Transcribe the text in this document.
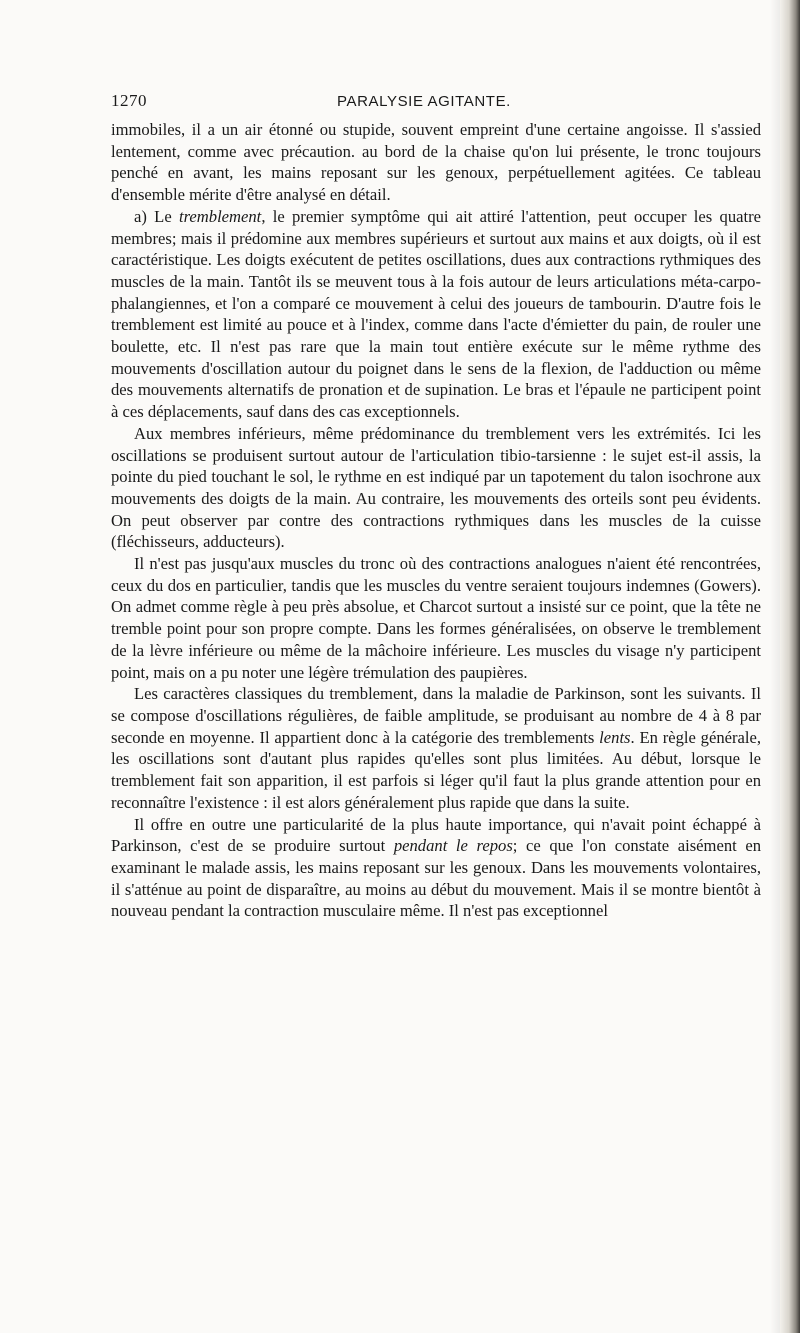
1270	PARALYSIE AGITANTE.

immobiles, il a un air étonné ou stupide, souvent empreint d'une certaine angoisse. Il s'assied lentement, comme avec précaution. au bord de la chaise qu'on lui présente, le tronc toujours penché en avant, les mains reposant sur les genoux, perpétuellement agitées. Ce tableau d'ensemble mérite d'être analysé en détail.

a) Le tremblement, le premier symptôme qui ait attiré l'attention, peut occuper les quatre membres; mais il prédomine aux membres supérieurs et surtout aux mains et aux doigts, où il est caractéristique. Les doigts exécutent de petites oscillations, dues aux contractions rythmiques des muscles de la main. Tantôt ils se meuvent tous à la fois autour de leurs articulations méta-carpo-phalangiennes, et l'on a comparé ce mouvement à celui des joueurs de tambourin. D'autre fois le tremblement est limité au pouce et à l'index, comme dans l'acte d'émietter du pain, de rouler une boulette, etc. Il n'est pas rare que la main tout entière exécute sur le même rythme des mouvements d'oscillation autour du poignet dans le sens de la flexion, de l'adduction ou même des mouvements alternatifs de pronation et de supination. Le bras et l'épaule ne participent point à ces déplacements, sauf dans des cas exceptionnels.

Aux membres inférieurs, même prédominance du tremblement vers les extrémités. Ici les oscillations se produisent surtout autour de l'articulation tibio-tarsienne : le sujet est-il assis, la pointe du pied touchant le sol, le rythme en est indiqué par un tapotement du talon isochrone aux mouvements des doigts de la main. Au contraire, les mouvements des orteils sont peu évidents. On peut observer par contre des contractions rythmiques dans les muscles de la cuisse (fléchisseurs, adducteurs).

Il n'est pas jusqu'aux muscles du tronc où des contractions analogues n'aient été rencontrées, ceux du dos en particulier, tandis que les muscles du ventre seraient toujours indemnes (Gowers). On admet comme règle à peu près absolue, et Charcot surtout a insisté sur ce point, que la tête ne tremble point pour son propre compte. Dans les formes généralisées, on observe le tremblement de la lèvre inférieure ou même de la mâchoire inférieure. Les muscles du visage n'y participent point, mais on a pu noter une légère trémulation des paupières.

Les caractères classiques du tremblement, dans la maladie de Parkinson, sont les suivants. Il se compose d'oscillations régulières, de faible amplitude, se produisant au nombre de 4 à 8 par seconde en moyenne. Il appartient donc à la catégorie des tremblements lents. En règle générale, les oscillations sont d'autant plus rapides qu'elles sont plus limitées. Au début, lorsque le tremblement fait son apparition, il est parfois si léger qu'il faut la plus grande attention pour en reconnaître l'existence : il est alors généralement plus rapide que dans la suite.

Il offre en outre une particularité de la plus haute importance, qui n'avait point échappé à Parkinson, c'est de se produire surtout pendant le repos; ce que l'on constate aisément en examinant le malade assis, les mains reposant sur les genoux. Dans les mouvements volontaires, il s'atténue au point de disparaître, au moins au début du mouvement. Mais il se montre bientôt à nouveau pendant la contraction musculaire même. Il n'est pas exceptionnel
